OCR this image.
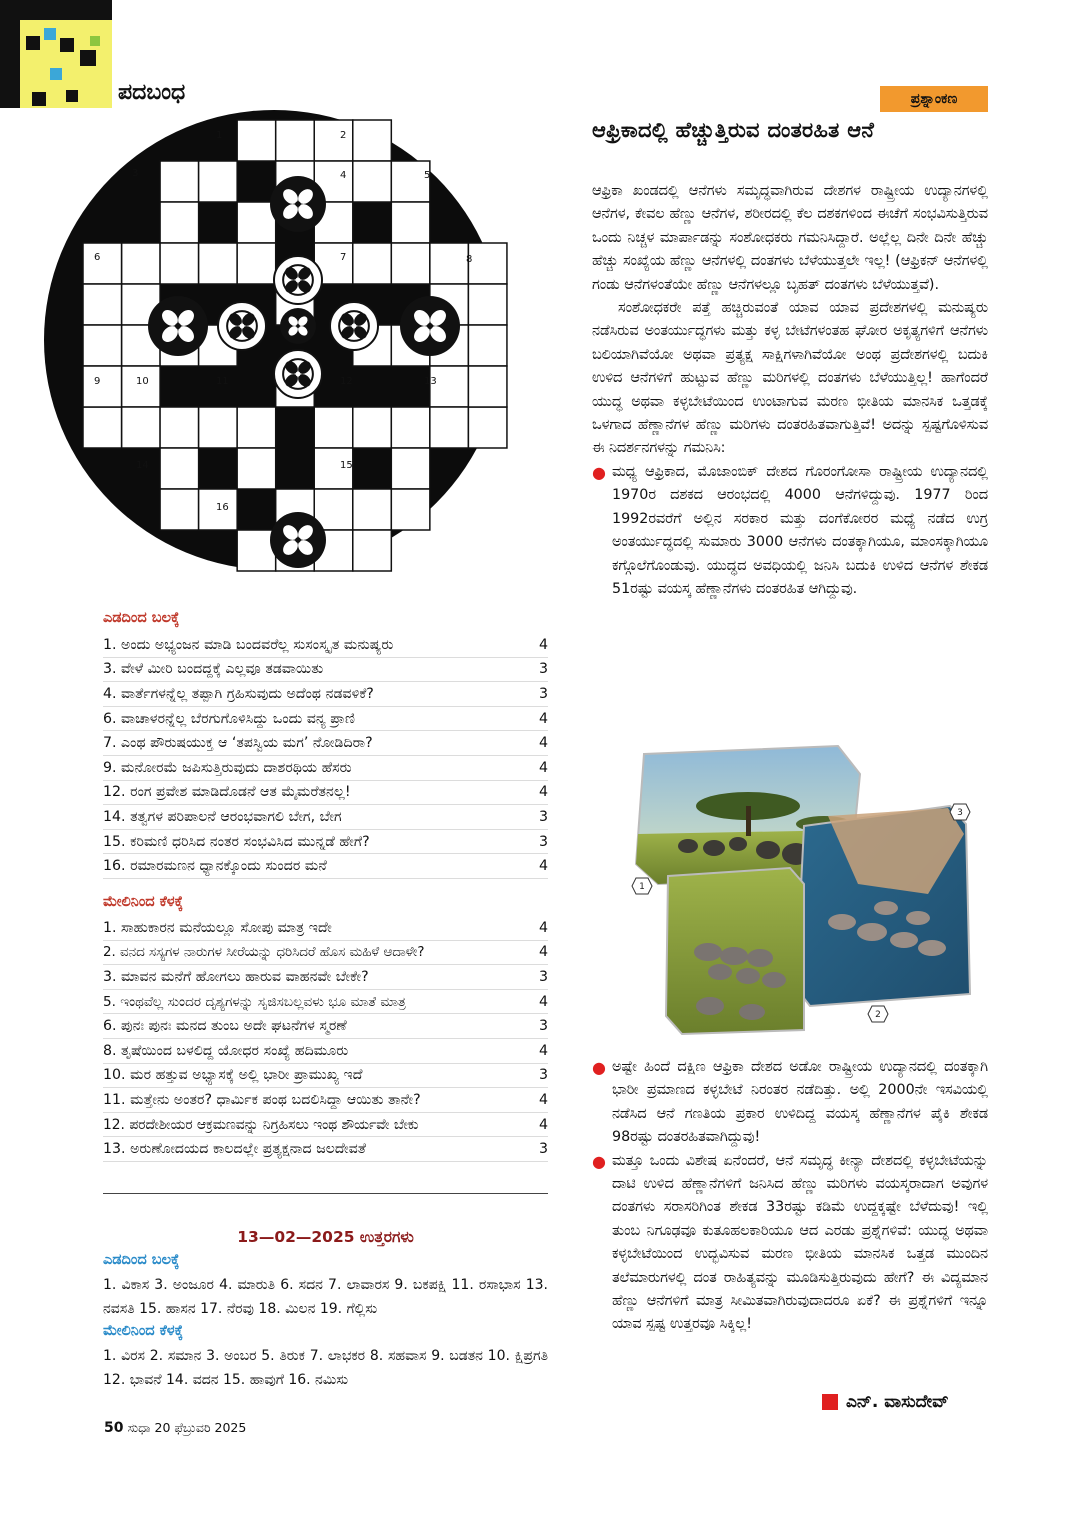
ಪದಬಂಧ
1	2
3	4	5
6	7	8
9	10	11	12	13
14	15
16
ಎಡದಿಂದ ಬಲಕ್ಕೆ
1. ಅಂದು ಅಭ್ಯಂಜನ ಮಾಡಿ ಬಂದವರೆಲ್ಲ ಸುಸಂಸ್ಕೃತ ಮನುಷ್ಯರು	4
3. ವೇಳೆ ಮೀರಿ ಬಂದದ್ದಕ್ಕೆ ಎಲ್ಲವೂ ತಡವಾಯಿತು	3
4. ವಾರ್ತೆಗಳನ್ನೆಲ್ಲ ತಪ್ಪಾಗಿ ಗ್ರಹಿಸುವುದು ಅದೆಂಥ ನಡವಳಿಕೆ?	3
6. ವಾಚಾಳರನ್ನೆಲ್ಲ ಬೆರಗುಗೊಳಿಸಿದ್ದು ಒಂದು ವನ್ಯ ಪ್ರಾಣಿ	4
7. ಎಂಥ ಪೌರುಷಯುಕ್ತ ಆ ‘ತಪಸ್ವಿಯ ಮಗ’ ನೋಡಿದಿರಾ?	4
9. ಮನೋರಮೆ ಜಪಿಸುತ್ತಿರುವುದು ದಾಶರಥಿಯ ಹೆಸರು	4
12. ರಂಗ ಪ್ರವೇಶ ಮಾಡಿದೊಡನೆ ಆತ ಮೈಮರೆತನಲ್ಲ!	4
14. ತತ್ವಗಳ ಪರಿಪಾಲನೆ ಆರಂಭವಾಗಲಿ ಬೇಗ, ಬೇಗ	3
15. ಕರಿಮಣಿ ಧರಿಸಿದ ನಂತರ ಸಂಭವಿಸಿದ ಮುನ್ನಡೆ ಹೇಗೆ?	3
16. ರಮಾರಮಣನ ಧ್ಯಾನಕ್ಕೊಂದು ಸುಂದರ ಮನೆ	4
ಮೇಲಿನಿಂದ ಕೆಳಕ್ಕೆ
1. ಸಾಹುಕಾರನ ಮನೆಯಲ್ಲೂ ಸೋಪು ಮಾತ್ರ ಇದೇ	4
2. ವನದ ಸಸ್ಯಗಳ ನಾರುಗಳ ಸೀರೆಯನ್ನು ಧರಿಸಿದರೆ ಹೊಸ ಮಹಿಳೆ ಆದಾಳೇ?	4
3. ಮಾವನ ಮನೆಗೆ ಹೋಗಲು ಹಾರುವ ವಾಹನವೇ ಬೇಕೇ?	3
5. ಇಂಥವೆಲ್ಲ ಸುಂದರ ದೃಶ್ಯಗಳನ್ನು ಸೃಜಿಸಬಲ್ಲವಳು ಭೂ ಮಾತೆ ಮಾತ್ರ	4
6. ಪುನಃ ಪುನಃ ಮನದ ತುಂಬ ಅದೇ ಘಟನೆಗಳ ಸ್ಮರಣೆ	3
8. ತೃಷೆಯಿಂದ ಬಳಲಿದ್ದ ಯೋಧರ ಸಂಖ್ಯೆ ಹದಿಮೂರು	4
10. ಮರ ಹತ್ತುವ ಅಭ್ಯಾಸಕ್ಕೆ ಅಲ್ಲಿ ಭಾರೀ ಪ್ರಾಮುಖ್ಯ ಇದೆ	3
11. ಮತ್ತೇನು ಅಂತರ? ಧಾರ್ಮಿಕ ಪಂಥ ಬದಲಿಸಿದ್ದಾ ಆಯಿತು ತಾನೇ?	4
12. ಪರದೇಶೀಯರ ಆಕ್ರಮಣವನ್ನು ನಿಗ್ರಹಿಸಲು ಇಂಥ ಶೌರ್ಯವೇ ಬೇಕು	4
13. ಅರುಣೋದಯದ ಕಾಲದಲ್ಲೇ ಪ್ರತ್ಯಕ್ಷನಾದ ಜಲದೇವತೆ	3
13—02—2025 ಉತ್ತರಗಳು
ಎಡದಿಂದ ಬಲಕ್ಕೆ
1. ವಿಕಾಸ 3. ಅಂಜೂರ 4. ಮಾರುತಿ 6. ಸದನ 7. ಲಾವಾರಸ 9. ಬಕಪಕ್ಷಿ 11. ರಸಾಭಾಸ 13. ನವಸತಿ 15. ಹಾಸನ 17. ನೆರವು 18. ಮಿಲನ 19. ಗೆಲ್ಲಿಸು
ಮೇಲಿನಿಂದ ಕೆಳಕ್ಕೆ
1. ವಿರಸ 2. ಸಮಾನ 3. ಅಂಬರ 5. ತಿರುಕ 7. ಲಾಭಕರ 8. ಸಹವಾಸ 9. ಬಡತನ 10. ಕ್ಷಿಪ್ರಗತಿ 12. ಭಾವನೆ 14. ವದನ 15. ಹಾವುಗೆ 16. ನಮಿಸು
50 ಸುಧಾ 20 ಫೆಬ್ರುವರಿ 2025
ಪ್ರಶ್ನಾಂಕಣ
ಆಫ್ರಿಕಾದಲ್ಲಿ ಹೆಚ್ಚುತ್ತಿರುವ ದಂತರಹಿತ ಆನೆ

ಆಫ್ರಿಕಾ ಖಂಡದಲ್ಲಿ ಆನೆಗಳು ಸಮೃದ್ಧವಾಗಿರುವ ದೇಶಗಳ ರಾಷ್ಟ್ರೀಯ ಉದ್ಯಾನಗಳಲ್ಲಿ ಆನೆಗಳ, ಕೇವಲ ಹೆಣ್ಣು ಆನೆಗಳ, ಶರೀರದಲ್ಲಿ ಕೆಲ ದಶಕಗಳಿಂದ ಈಚೆಗೆ ಸಂಭವಿಸುತ್ತಿರುವ ಒಂದು ನಿಚ್ಚಳ ಮಾರ್ಪಾಡನ್ನು ಸಂಶೋಧಕರು ಗಮನಿಸಿದ್ದಾರೆ. ಅಲ್ಲೆಲ್ಲ ದಿನೇ ದಿನೇ ಹೆಚ್ಚು ಹೆಚ್ಚು ಸಂಖ್ಯೆಯ ಹೆಣ್ಣು ಆನೆಗಳಲ್ಲಿ ದಂತಗಳು ಬೆಳೆಯುತ್ತಲೇ ಇಲ್ಲ! (ಆಫ್ರಿಕನ್ ಆನೆಗಳಲ್ಲಿ ಗಂಡು ಆನೆಗಳಂತೆಯೇ ಹೆಣ್ಣು ಆನೆಗಳಲ್ಲೂ ಬೃಹತ್ ದಂತಗಳು ಬೆಳೆಯುತ್ತವೆ).

ಸಂಶೋಧಕರೇ ಪತ್ತೆ ಹಚ್ಚಿರುವಂತೆ ಯಾವ ಯಾವ ಪ್ರದೇಶಗಳಲ್ಲಿ ಮನುಷ್ಯರು ನಡೆಸಿರುವ ಅಂತರ್ಯುದ್ಧಗಳು ಮತ್ತು ಕಳ್ಳ ಬೇಟೆಗಳಂತಹ ಘೋರ ಅಕೃತ್ಯಗಳಿಗೆ ಆನೆಗಳು ಬಲಿಯಾಗಿವೆಯೋ ಅಥವಾ ಪ್ರತ್ಯಕ್ಷ ಸಾಕ್ಷಿಗಳಾಗಿವೆಯೋ ಅಂಥ ಪ್ರದೇಶಗಳಲ್ಲಿ ಬದುಕಿ ಉಳಿದ ಆನೆಗಳಿಗೆ ಹುಟ್ಟುವ ಹೆಣ್ಣು ಮರಿಗಳಲ್ಲಿ ದಂತಗಳು ಬೆಳೆಯುತ್ತಿಲ್ಲ! ಹಾಗೆಂದರೆ ಯುದ್ಧ ಅಥವಾ ಕಳ್ಳಬೇಟೆಯಿಂದ ಉಂಟಾಗುವ ಮರಣ ಭೀತಿಯ ಮಾನಸಿಕ ಒತ್ತಡಕ್ಕೆ ಒಳಗಾದ ಹೆಣ್ಣಾನೆಗಳ ಹೆಣ್ಣು ಮರಿಗಳು ದಂತರಹಿತವಾಗುತ್ತಿವೆ! ಅದನ್ನು ಸ್ಪಷ್ಟಗೊಳಿಸುವ ಈ ನಿದರ್ಶನಗಳನ್ನು ಗಮನಿಸಿ:

● ಮಧ್ಯ ಆಫ್ರಿಕಾದ, ಮೊಜಾಂಬಿಕ್ ದೇಶದ ಗೊರಂಗೋಸಾ ರಾಷ್ಟ್ರೀಯ ಉದ್ಯಾನದಲ್ಲಿ 1970ರ ದಶಕದ ಆರಂಭದಲ್ಲಿ 4000 ಆನೆಗಳಿದ್ದುವು. 1977 ರಿಂದ 1992ರವರೆಗೆ ಅಲ್ಲಿನ ಸರಕಾರ ಮತ್ತು ದಂಗೆಕೋರರ ಮಧ್ಯೆ ನಡೆದ ಉಗ್ರ ಅಂತರ್ಯುದ್ಧದಲ್ಲಿ ಸುಮಾರು 3000 ಆನೆಗಳು ದಂತಕ್ಕಾಗಿಯೂ, ಮಾಂಸಕ್ಕಾಗಿಯೂ ಕಗ್ಗೊಲೆಗೊಂಡುವು. ಯುದ್ಧದ ಅವಧಿಯಲ್ಲಿ ಜನಿಸಿ ಬದುಕಿ ಉಳಿದ ಆನೆಗಳ ಶೇಕಡ 51ರಷ್ಟು ವಯಸ್ಕ ಹೆಣ್ಣಾನೆಗಳು ದಂತರಹಿತ ಆಗಿದ್ದುವು.

1
2
3

● ಅಷ್ಟೇ ಹಿಂದೆ ದಕ್ಷಿಣ ಆಫ್ರಿಕಾ ದೇಶದ ಅಡೋ ರಾಷ್ಟ್ರೀಯ ಉದ್ಯಾನದಲ್ಲಿ ದಂತಕ್ಕಾಗಿ ಭಾರೀ ಪ್ರಮಾಣದ ಕಳ್ಳಬೇಟೆ ನಿರಂತರ ನಡೆದಿತ್ತು. ಅಲ್ಲಿ 2000ನೇ ಇಸವಿಯಲ್ಲಿ ನಡೆಸಿದ ಆನೆ ಗಣತಿಯ ಪ್ರಕಾರ ಉಳಿದಿದ್ದ ವಯಸ್ಕ ಹೆಣ್ಣಾನೆಗಳ ಪೈಕಿ ಶೇಕಡ 98ರಷ್ಟು ದಂತರಹಿತವಾಗಿದ್ದುವು!

● ಮತ್ತೂ ಒಂದು ವಿಶೇಷ ಏನೆಂದರೆ, ಆನೆ ಸಮೃದ್ಧ ಕೀನ್ಯಾ ದೇಶದಲ್ಲಿ ಕಳ್ಳಬೇಟೆಯನ್ನು ದಾಟಿ ಉಳಿದ ಹೆಣ್ಣಾನೆಗಳಿಗೆ ಜನಿಸಿದ ಹೆಣ್ಣು ಮರಿಗಳು ವಯಸ್ಕರಾದಾಗ ಅವುಗಳ ದಂತಗಳು ಸರಾಸರಿಗಿಂತ ಶೇಕಡ 33ರಷ್ಟು ಕಡಿಮೆ ಉದ್ದಕ್ಕಷ್ಟೇ ಬೆಳೆದುವು! ಇಲ್ಲಿ ತುಂಬ ನಿಗೂಢವೂ ಕುತೂಹಲಕಾರಿಯೂ ಆದ ಎರಡು ಪ್ರಶ್ನೆಗಳಿವೆ: ಯುದ್ಧ ಅಥವಾ ಕಳ್ಳಬೇಟೆಯಿಂದ ಉದ್ಭವಿಸುವ ಮರಣ ಭೀತಿಯ ಮಾನಸಿಕ ಒತ್ತಡ ಮುಂದಿನ ತಲೆಮಾರುಗಳಲ್ಲಿ ದಂತ ರಾಹಿತ್ಯವನ್ನು ಮೂಡಿಸುತ್ತಿರುವುದು ಹೇಗೆ? ಈ ವಿದ್ಯಮಾನ ಹೆಣ್ಣು ಆನೆಗಳಿಗೆ ಮಾತ್ರ ಸೀಮಿತವಾಗಿರುವುದಾದರೂ ಏಕೆ? ಈ ಪ್ರಶ್ನೆಗಳಿಗೆ ಇನ್ನೂ ಯಾವ ಸ್ಪಷ್ಟ ಉತ್ತರವೂ ಸಿಕ್ಕಿಲ್ಲ!

ಎನ್. ವಾಸುದೇವ್
